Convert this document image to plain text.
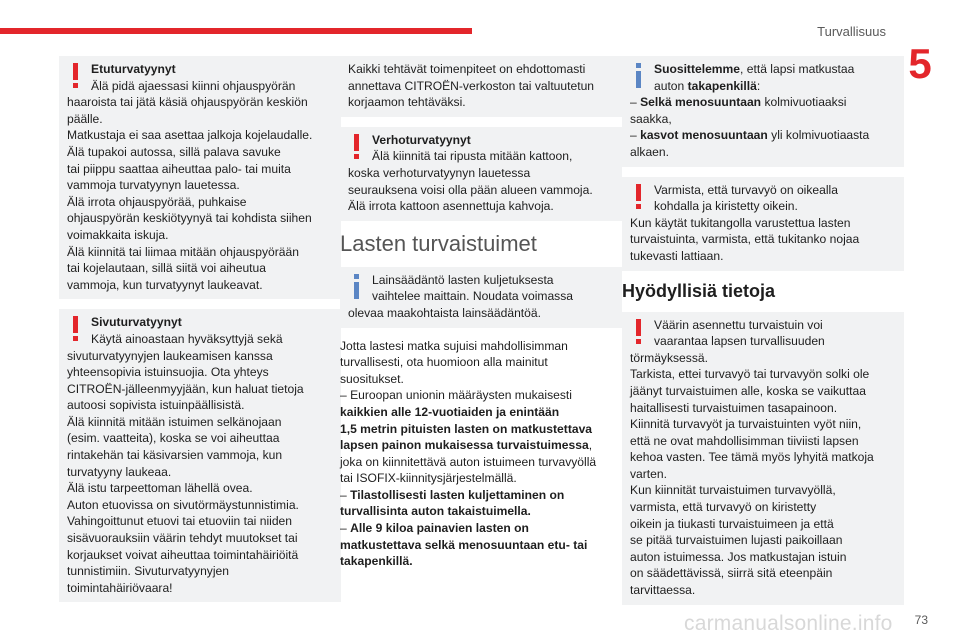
Turvallisuus
5

Etuturvatyynyt

Älä pidä ajaessasi kiinni ohjauspyörän

haaroista tai jätä käsiä ohjauspyörän keskiön

päälle.

Matkustaja ei saa asettaa jalkoja kojelaudalle.

Älä tupakoi autossa, sillä palava savuke

tai piippu saattaa aiheuttaa palo- tai muita

vammoja turvatyynyn lauetessa.

Älä irrota ohjauspyörää, puhkaise

ohjauspyörän keskiötyynyä tai kohdista siihen

voimakkaita iskuja.

Älä kiinnitä tai liimaa mitään ohjauspyörään

tai kojelautaan, sillä siitä voi aiheutua

vammoja, kun turvatyynyt laukeavat.

Sivuturvatyynyt

Käytä ainoastaan hyväksyttyjä sekä

sivuturvatyynyjen laukeamisen kanssa

yhteensopivia istuinsuojia. Ota yhteys

CITROËN-jälleenmyyjään, kun haluat tietoja

autoosi sopivista istuinpäällisistä.

Älä kiinnitä mitään istuimen selkänojaan

(esim. vaatteita), koska se voi aiheuttaa

rintakehän tai käsivarsien vammoja, kun

turvatyyny laukeaa.

Älä istu tarpeettoman lähellä ovea.

Auton etuovissa on sivutörmäystunnistimia.

Vahingoittunut etuovi tai etuoviin tai niiden

sisävuorauksiin väärin tehdyt muutokset tai

korjaukset voivat aiheuttaa toimintahäiriöitä

tunnistimiin. Sivuturvatyynyjen

toimintahäiriövaara!

Kaikki tehtävät toimenpiteet on ehdottomasti

annettava CITROËN-verkoston tai valtuutetun

korjaamon tehtäväksi.

Verhoturvatyynyt

Älä kiinnitä tai ripusta mitään kattoon,

koska verhoturvatyynyn lauetessa

seurauksena voisi olla pään alueen vammoja.

Älä irrota kattoon asennettuja kahvoja.

Lasten turvaistuimet

Lainsäädäntö lasten kuljetuksesta

vaihtelee maittain. Noudata voimassa

olevaa maakohtaista lainsäädäntöä.

Jotta lastesi matka sujuisi mahdollisimman

turvallisesti, ota huomioon alla mainitut

suositukset.

– Euroopan unionin määräysten mukaisesti

kaikkien alle 12-vuotiaiden ja enintään

1,5 metrin pituisten lasten on matkustettava

lapsen painon mukaisessa turvaistuimessa,

joka on kiinnitettävä auton istuimeen turvavyöllä

tai ISOFIX-kiinnitysjärjestelmällä.

– Tilastollisesti lasten kuljettaminen on

turvallisinta auton takaistuimella.

– Alle 9 kiloa painavien lasten on

matkustettava selkä menosuuntaan etu- tai

takapenkillä.

Suosittelemme, että lapsi matkustaa

auton takapenkillä:

– Selkä menosuuntaan kolmivuotiaaksi

saakka,

– kasvot menosuuntaan yli kolmivuotiaasta

alkaen.

Varmista, että turvavyö on oikealla

kohdalla ja kiristetty oikein.

Kun käytät tukitangolla varustettua lasten

turvaistuinta, varmista, että tukitanko nojaa

tukevasti lattiaan.

Hyödyllisiä tietoja

Väärin asennettu turvaistuin voi

vaarantaa lapsen turvallisuuden

törmäyksessä.

Tarkista, ettei turvavyö tai turvavyön solki ole

jäänyt turvaistuimen alle, koska se vaikuttaa

haitallisesti turvaistuimen tasapainoon.

Kiinnitä turvavyöt ja turvaistuinten vyöt niin,

että ne ovat mahdollisimman tiiviisti lapsen

kehoa vasten. Tee tämä myös lyhyitä matkoja

varten.

Kun kiinnität turvaistuimen turvavyöllä,

varmista, että turvavyö on kiristetty

oikein ja tiukasti turvaistuimeen ja että

se pitää turvaistuimen lujasti paikoillaan

auton istuimessa. Jos matkustajan istuin

on säädettävissä, siirrä sitä eteenpäin

tarvittaessa.

carmanualsonline.info	73
